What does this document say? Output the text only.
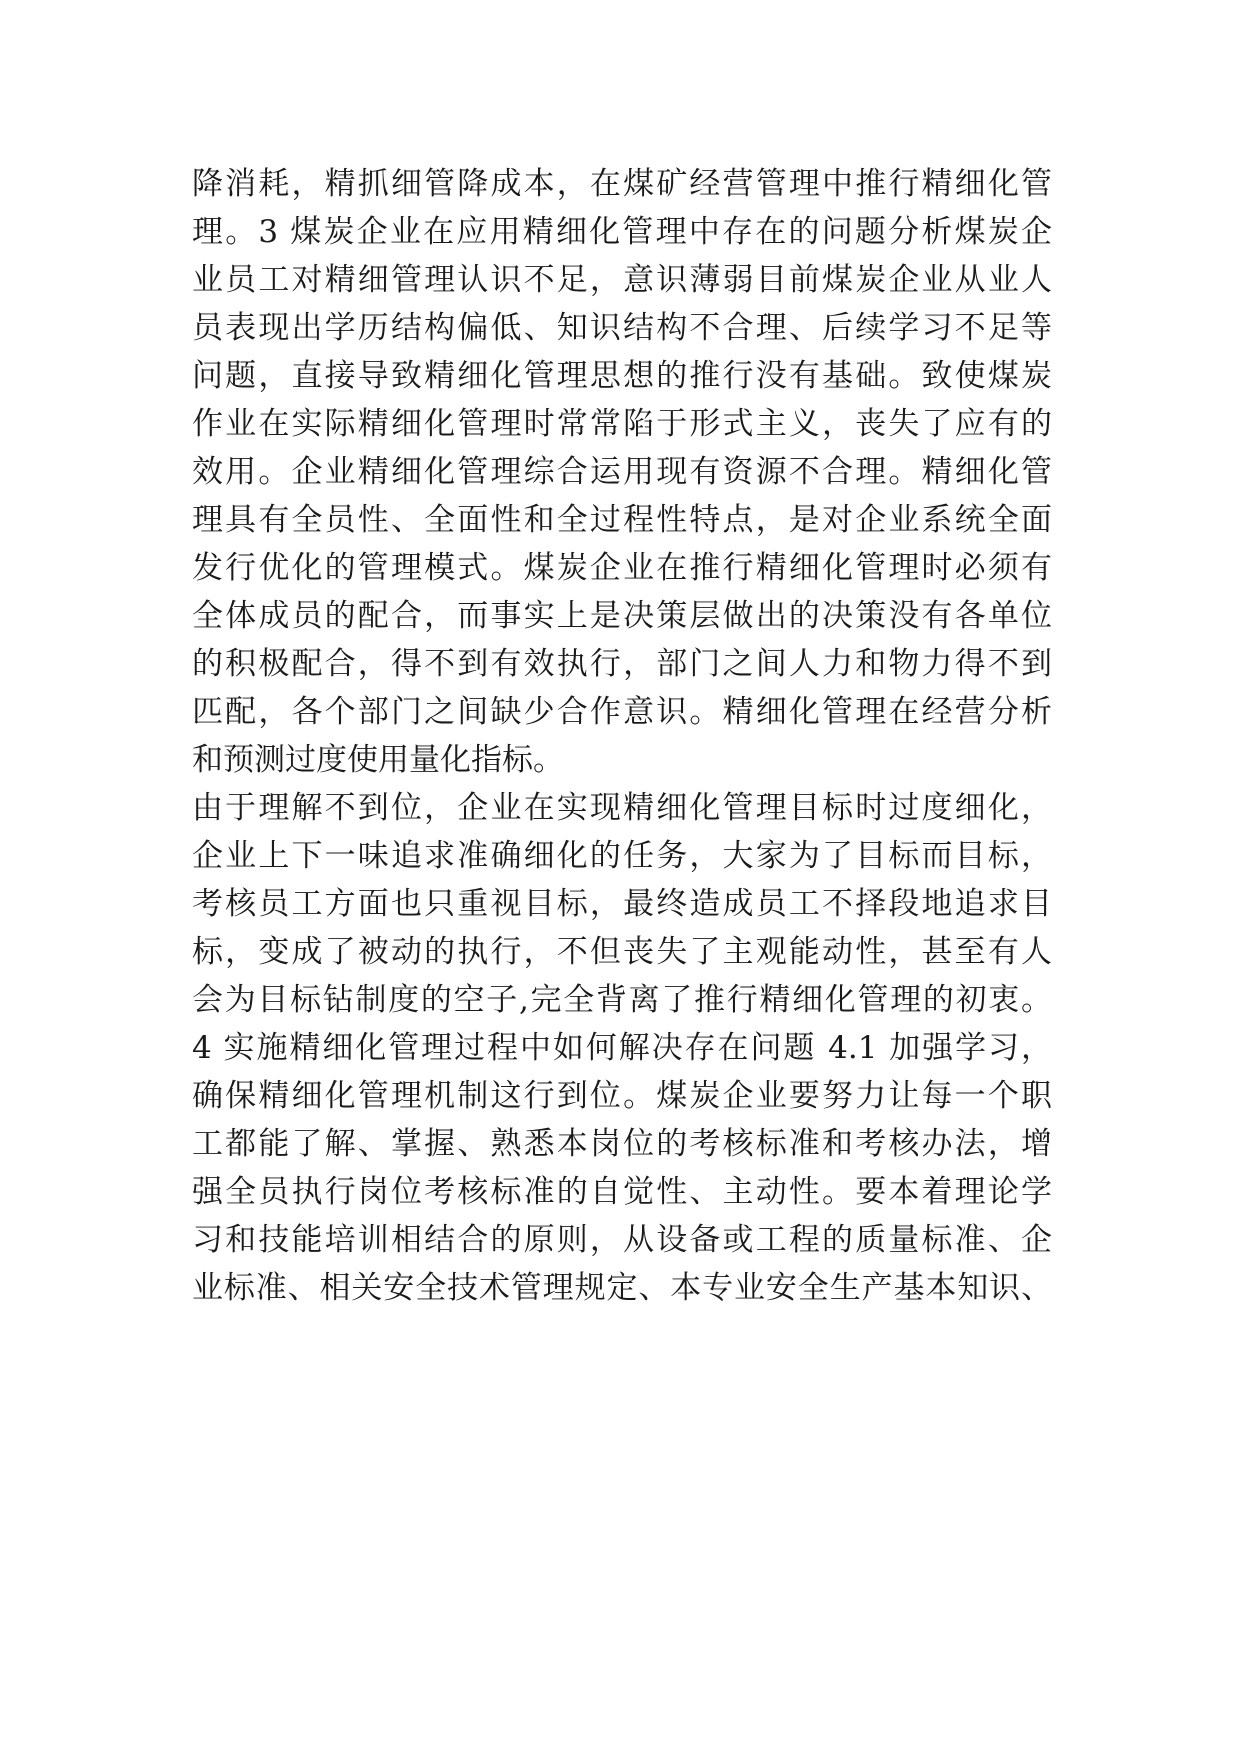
降消耗，精抓细管降成本，在煤矿经营管理中推行精细化管
理。3 煤炭企业在应用精细化管理中存在的问题分析煤炭企
业员工对精细管理认识不足，意识薄弱目前煤炭企业从业人
员表现出学历结构偏低、知识结构不合理、后续学习不足等
问题，直接导致精细化管理思想的推行没有基础。致使煤炭
作业在实际精细化管理时常常陷于形式主义，丧失了应有的
效用。企业精细化管理综合运用现有资源不合理。精细化管
理具有全员性、全面性和全过程性特点，是对企业系统全面
发行优化的管理模式。煤炭企业在推行精细化管理时必须有
全体成员的配合，而事实上是决策层做出的决策没有各单位
的积极配合，得不到有效执行，部门之间人力和物力得不到
匹配，各个部门之间缺少合作意识。精细化管理在经营分析
和预测过度使用量化指标。
由于理解不到位，企业在实现精细化管理目标时过度细化，
企业上下一味追求准确细化的任务，大家为了目标而目标，
考核员工方面也只重视目标，最终造成员工不择段地追求目
标，变成了被动的执行，不但丧失了主观能动性，甚至有人
会为目标钻制度的空子,完全背离了推行精细化管理的初衷。
4 实施精细化管理过程中如何解决存在问题 4.1 加强学习，
确保精细化管理机制这行到位。煤炭企业要努力让每一个职
工都能了解、掌握、熟悉本岗位的考核标准和考核办法，增
强全员执行岗位考核标准的自觉性、主动性。要本着理论学
习和技能培训相结合的原则，从设备或工程的质量标准、企
业标准、相关安全技术管理规定、本专业安全生产基本知识、
